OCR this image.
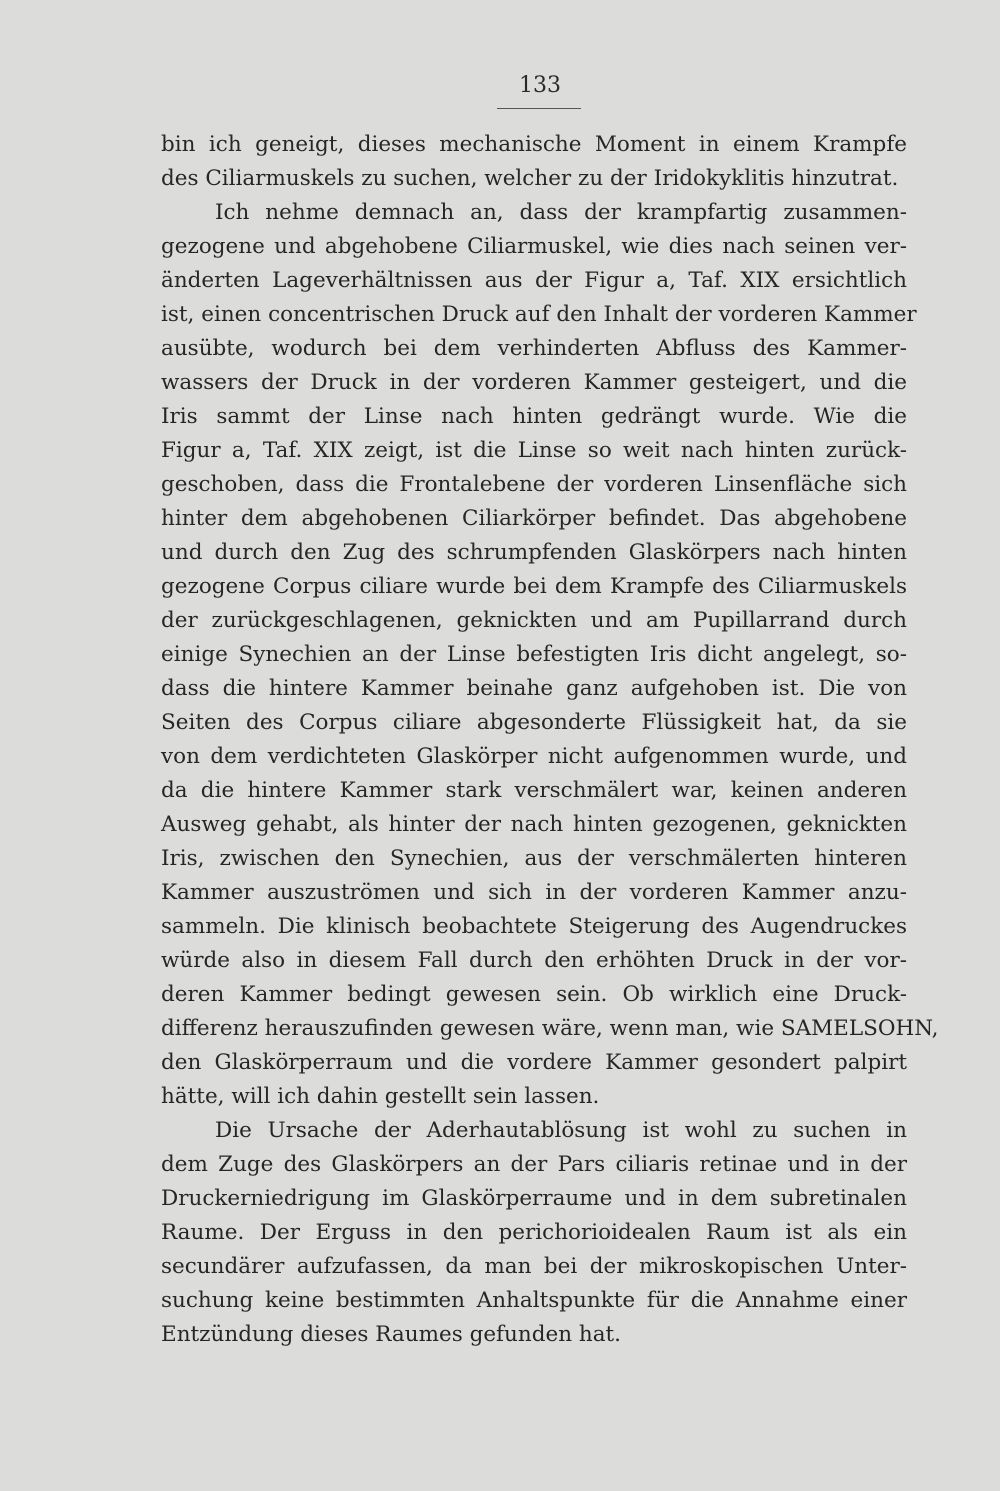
133

bin ich geneigt, dieses mechanische Moment in einem Krampfe
des Ciliarmuskels zu suchen, welcher zu der Iridokyklitis hinzutrat.
Ich nehme demnach an, dass der krampfartig zusammen-
gezogene und abgehobene Ciliarmuskel, wie dies nach seinen ver-
änderten Lageverhältnissen aus der Figur a, Taf. XIX ersichtlich
ist, einen concentrischen Druck auf den Inhalt der vorderen Kammer
ausübte, wodurch bei dem verhinderten Abfluss des Kammer-
wassers der Druck in der vorderen Kammer gesteigert, und die
Iris sammt der Linse nach hinten gedrängt wurde. Wie die
Figur a, Taf. XIX zeigt, ist die Linse so weit nach hinten zurück-
geschoben, dass die Frontalebene der vorderen Linsenfläche sich
hinter dem abgehobenen Ciliarkörper befindet. Das abgehobene
und durch den Zug des schrumpfenden Glaskörpers nach hinten
gezogene Corpus ciliare wurde bei dem Krampfe des Ciliarmuskels
der zurückgeschlagenen, geknickten und am Pupillarrand durch
einige Synechien an der Linse befestigten Iris dicht angelegt, so-
dass die hintere Kammer beinahe ganz aufgehoben ist. Die von
Seiten des Corpus ciliare abgesonderte Flüssigkeit hat, da sie
von dem verdichteten Glaskörper nicht aufgenommen wurde, und
da die hintere Kammer stark verschmälert war, keinen anderen
Ausweg gehabt, als hinter der nach hinten gezogenen, geknickten
Iris, zwischen den Synechien, aus der verschmälerten hinteren
Kammer auszuströmen und sich in der vorderen Kammer anzu-
sammeln. Die klinisch beobachtete Steigerung des Augendruckes
würde also in diesem Fall durch den erhöhten Druck in der vor-
deren Kammer bedingt gewesen sein. Ob wirklich eine Druck-
differenz herauszufinden gewesen wäre, wenn man, wie SAMELSOHN,
den Glaskörperraum und die vordere Kammer gesondert palpirt
hätte, will ich dahin gestellt sein lassen.
Die Ursache der Aderhautablösung ist wohl zu suchen in
dem Zuge des Glaskörpers an der Pars ciliaris retinae und in der
Druckerniedrigung im Glaskörperraume und in dem subretinalen
Raume. Der Erguss in den perichorioidealen Raum ist als ein
secundärer aufzufassen, da man bei der mikroskopischen Unter-
suchung keine bestimmten Anhaltspunkte für die Annahme einer
Entzündung dieses Raumes gefunden hat.
